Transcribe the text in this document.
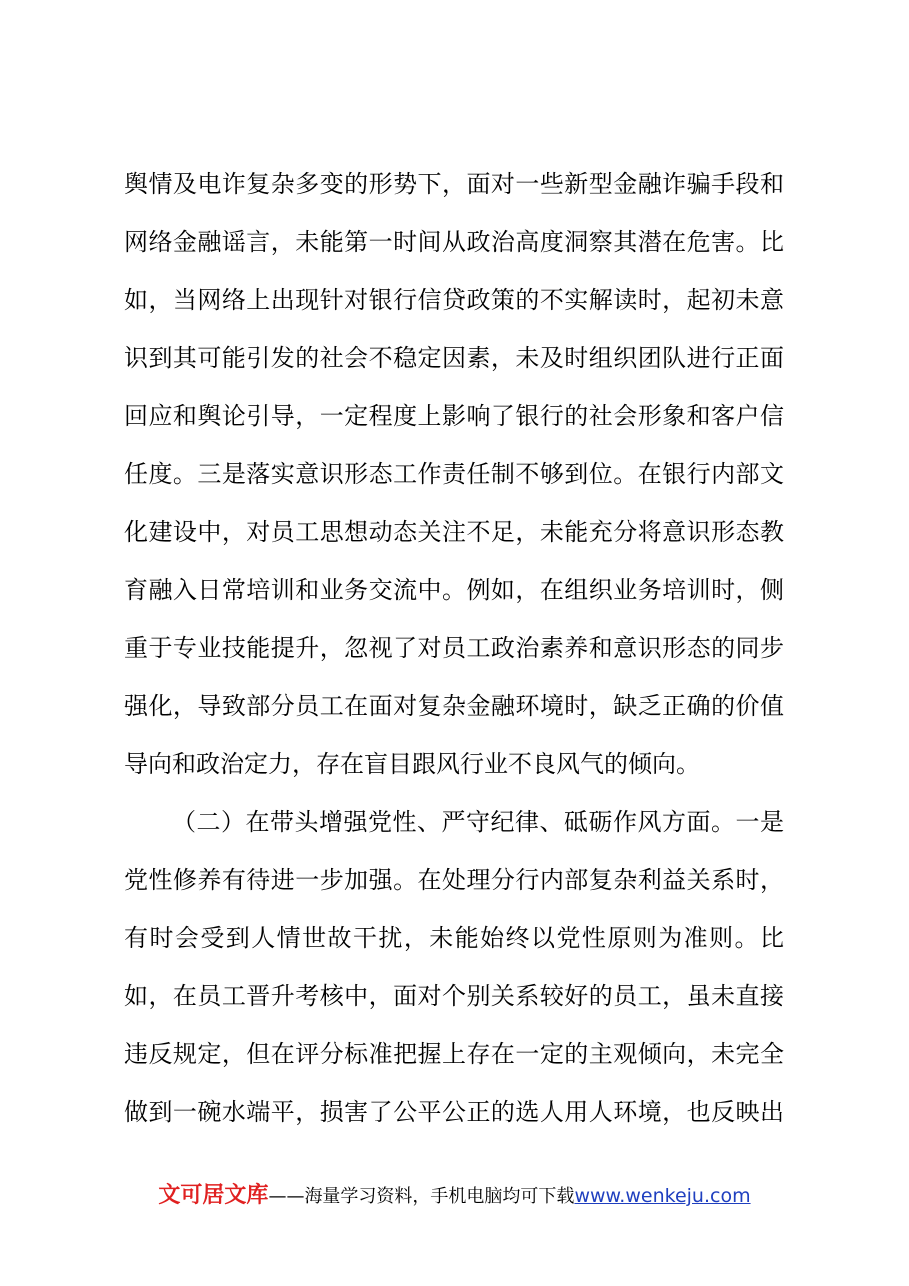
舆情及电诈复杂多变的形势下，面对一些新型金融诈骗手段和
网络金融谣言，未能第一时间从政治高度洞察其潜在危害。比
如，当网络上出现针对银行信贷政策的不实解读时，起初未意
识到其可能引发的社会不稳定因素，未及时组织团队进行正面
回应和舆论引导，一定程度上影响了银行的社会形象和客户信
任度。三是落实意识形态工作责任制不够到位。在银行内部文
化建设中，对员工思想动态关注不足，未能充分将意识形态教
育融入日常培训和业务交流中。例如，在组织业务培训时，侧
重于专业技能提升，忽视了对员工政治素养和意识形态的同步
强化，导致部分员工在面对复杂金融环境时，缺乏正确的价值
导向和政治定力，存在盲目跟风行业不良风气的倾向。
（二）在带头增强党性、严守纪律、砥砺作风方面。一是
党性修养有待进一步加强。在处理分行内部复杂利益关系时，
有时会受到人情世故干扰，未能始终以党性原则为准则。比
如，在员工晋升考核中，面对个别关系较好的员工，虽未直接
违反规定，但在评分标准把握上存在一定的主观倾向，未完全
做到一碗水端平，损害了公平公正的选人用人环境，也反映出
文可居文库——海量学习资料，手机电脑均可下载www.wenkeju.com
